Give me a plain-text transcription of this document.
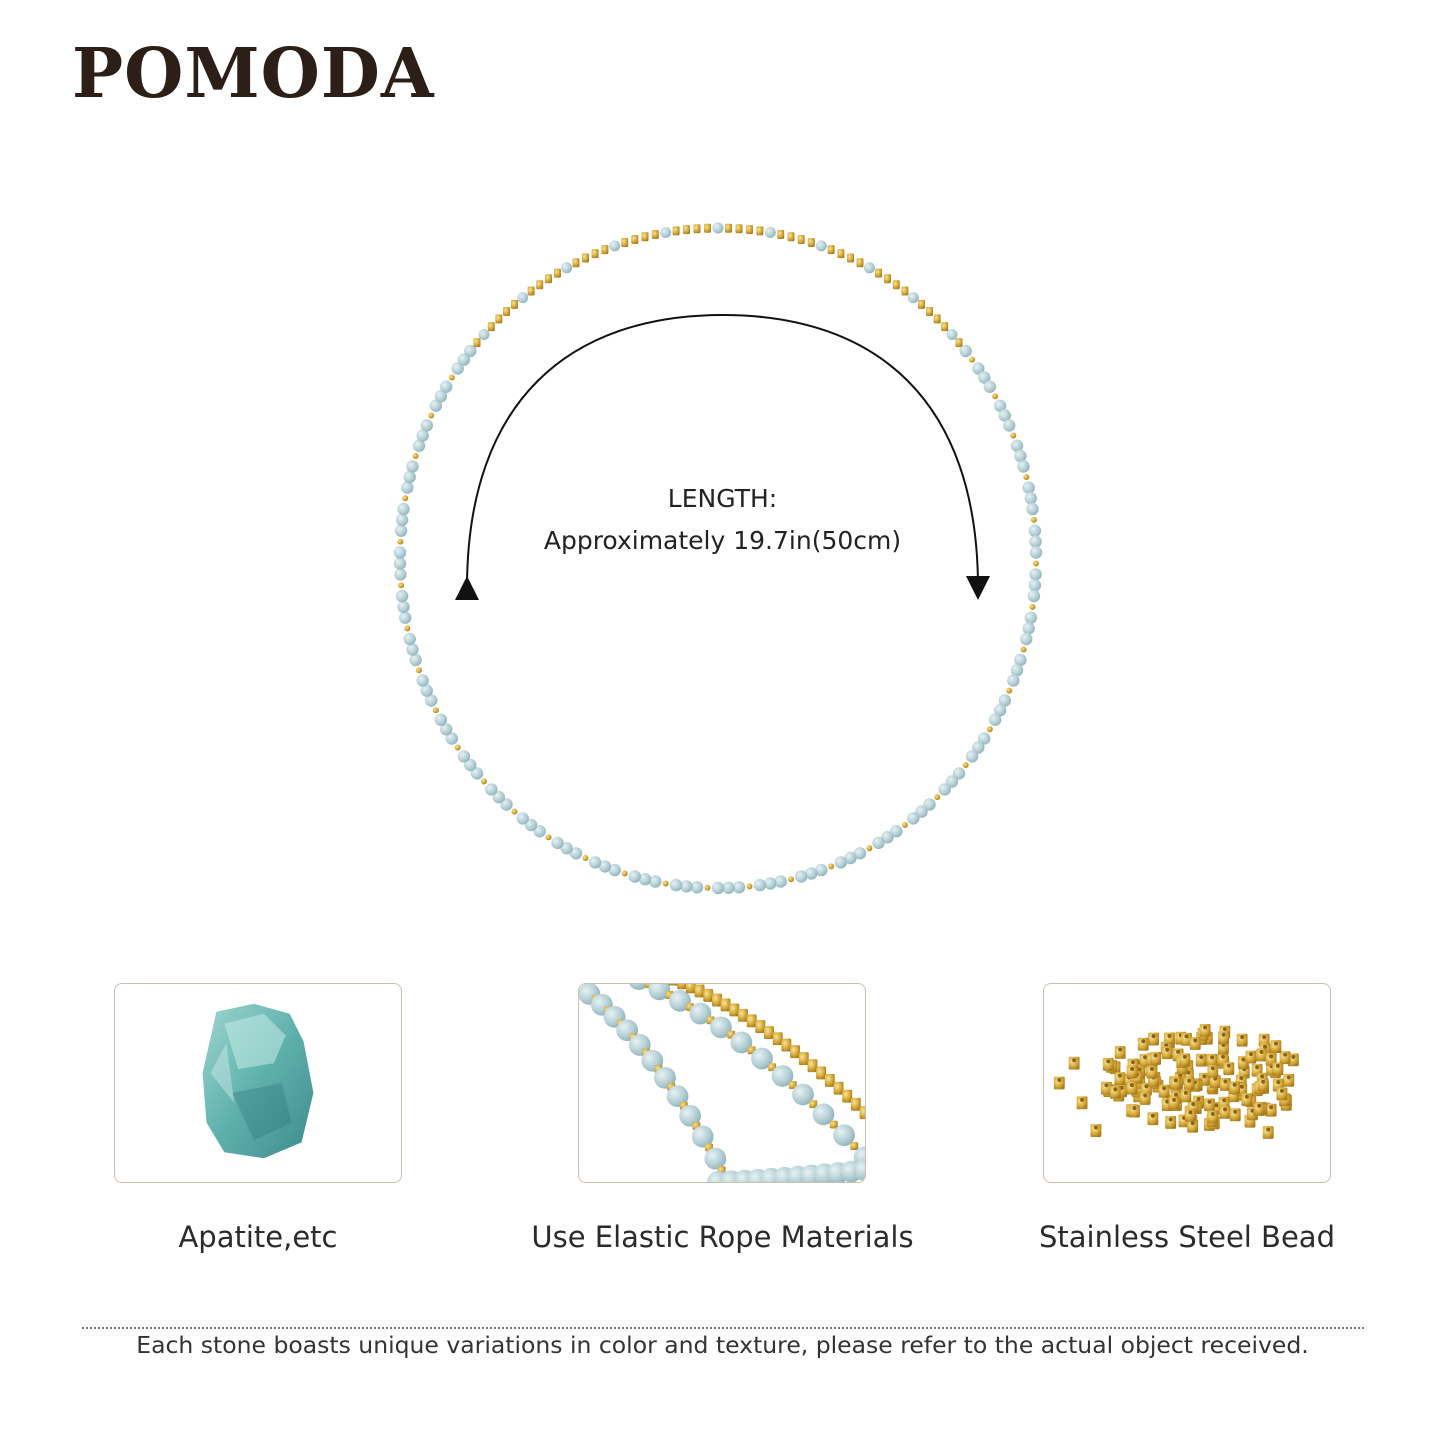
POMODA
LENGTH:
Approximately 19.7in(50cm)
Apatite,etc	Use Elastic Rope Materials	Stainless Steel Bead
Each stone boasts unique variations in color and texture, please refer to the actual object received.
